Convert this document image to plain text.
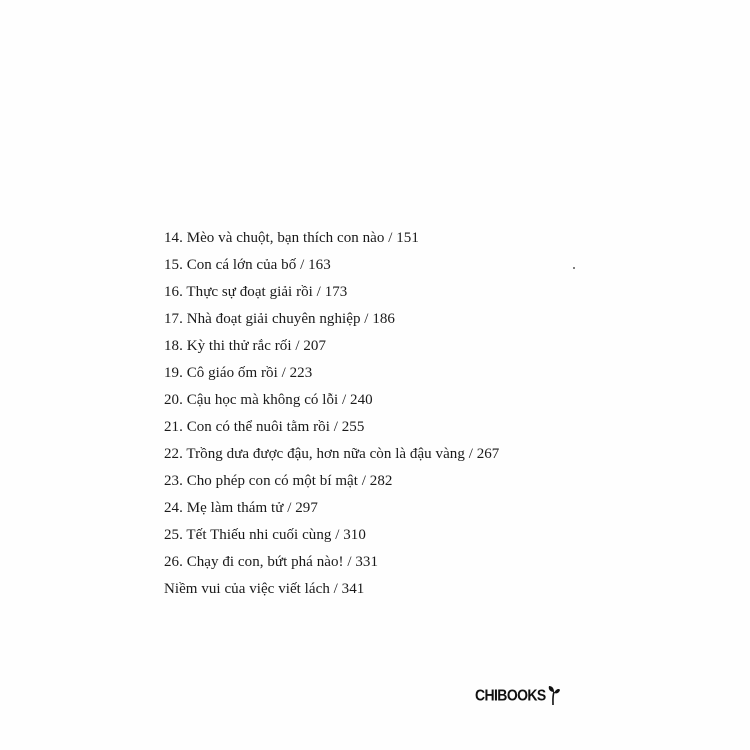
14. Mèo và chuột, bạn thích con nào / 151
15. Con cá lớn của bố / 163
16. Thực sự đoạt giải rồi / 173
17. Nhà đoạt giải chuyên nghiệp / 186
18. Kỳ thi thử rắc rối / 207
19. Cô giáo ốm rồi / 223
20. Cậu học mà không có lỗi / 240
21. Con có thể nuôi tằm rồi / 255
22. Trồng dưa được đậu, hơn nữa còn là đậu vàng / 267
23. Cho phép con có một bí mật / 282
24. Mẹ làm thám tử / 297
25. Tết Thiếu nhi cuối cùng / 310
26. Chạy đi con, bứt phá nào! / 331
Niềm vui của việc viết lách / 341
CHIBOOKS
